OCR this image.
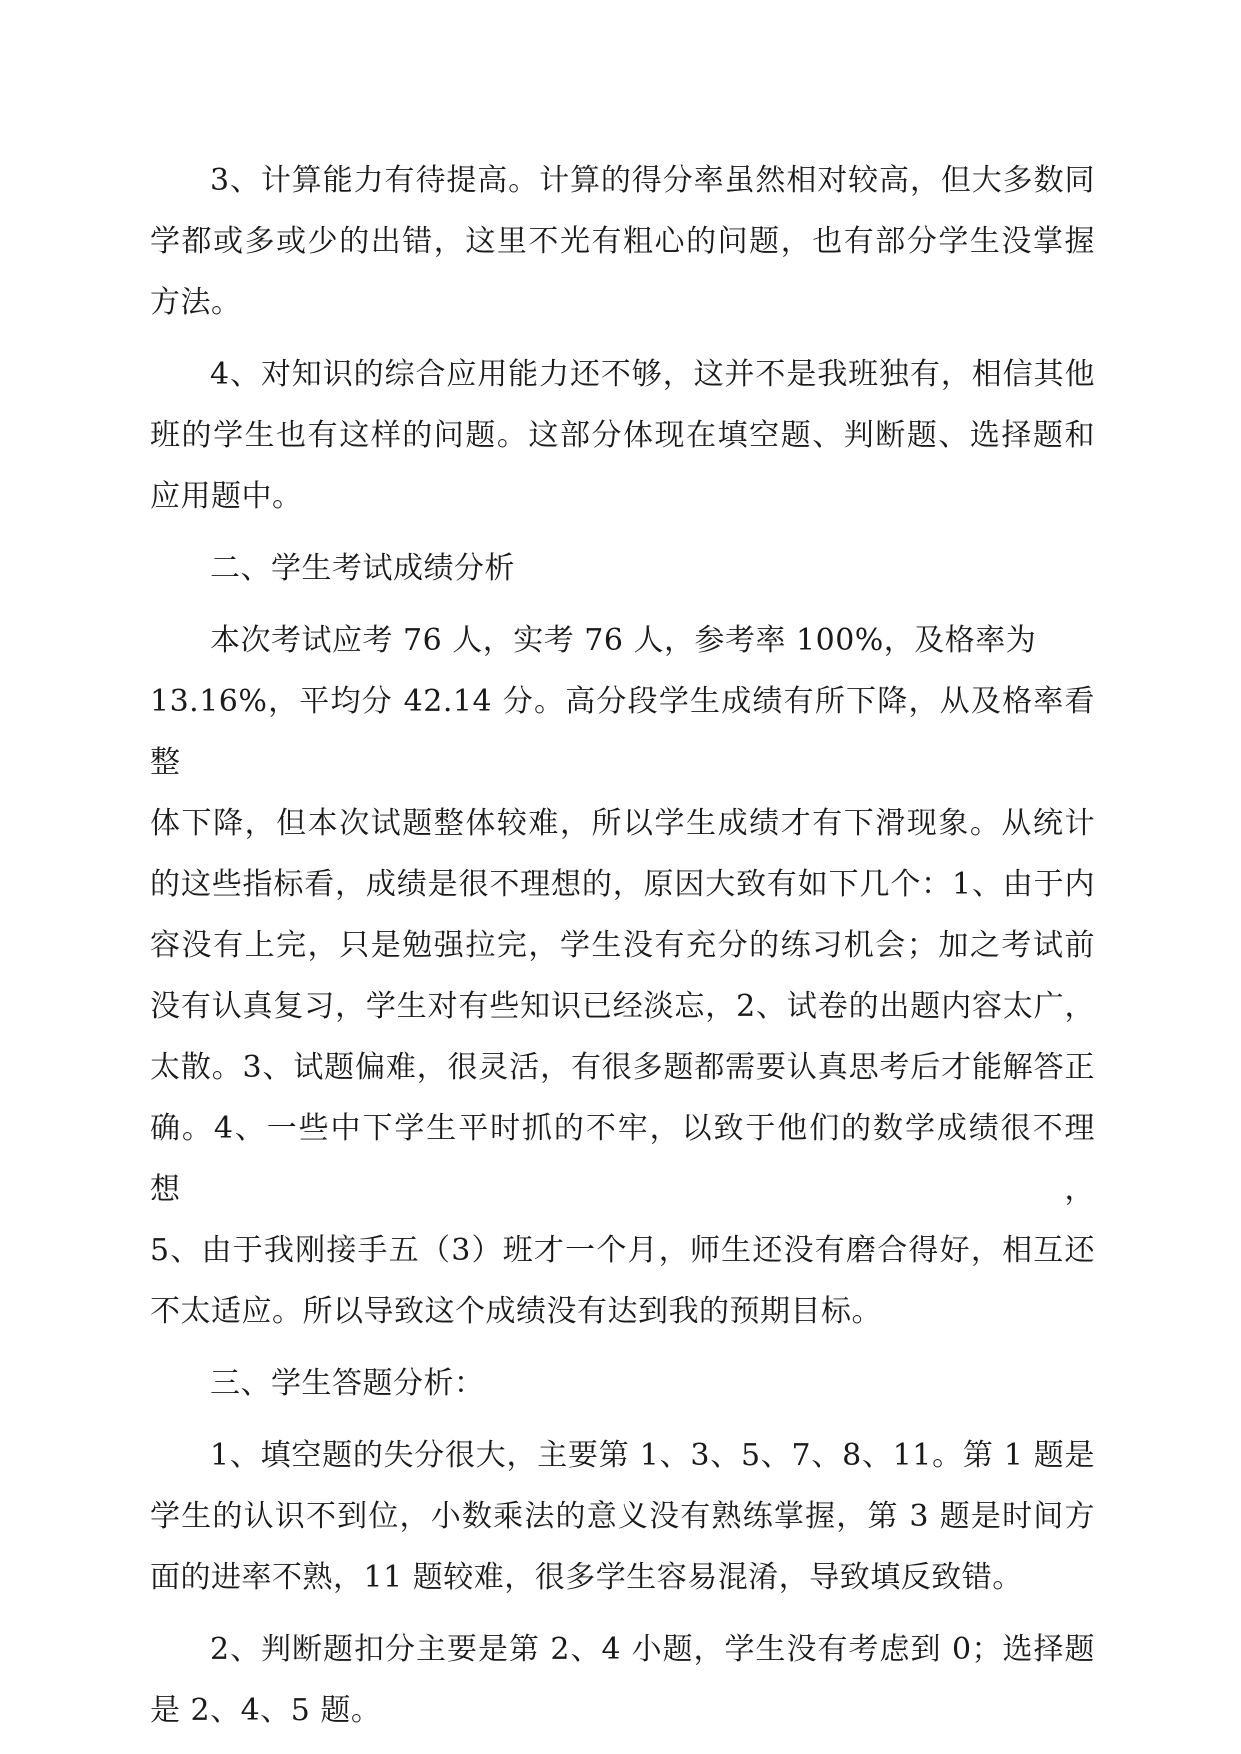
3、计算能力有待提高。计算的得分率虽然相对较高，但大多数同学都或多或少的出错，这里不光有粗心的问题，也有部分学生没掌握方法。

4、对知识的综合应用能力还不够，这并不是我班独有，相信其他班的学生也有这样的问题。这部分体现在填空题、判断题、选择题和应用题中。

二、学生考试成绩分析

本次考试应考 76 人，实考 76 人，参考率 100%，及格率为
13.16%，平均分 42.14 分。高分段学生成绩有所下降，从及格率看整
体下降，但本次试题整体较难，所以学生成绩才有下滑现象。从统计
的这些指标看，成绩是很不理想的，原因大致有如下几个：1、由于内
容没有上完，只是勉强拉完，学生没有充分的练习机会；加之考试前
没有认真复习，学生对有些知识已经淡忘，2、试卷的出题内容太广，
太散。3、试题偏难，很灵活，有很多题都需要认真思考后才能解答正
确。4、一些中下学生平时抓的不牢，以致于他们的数学成绩很不理想，
5、由于我刚接手五（3）班才一个月，师生还没有磨合得好，相互还
不太适应。所以导致这个成绩没有达到我的预期目标。

三、学生答题分析：

1、填空题的失分很大，主要第 1、3、5、7、8、11。第 1 题是学生的认识不到位，小数乘法的意义没有熟练掌握，第 3 题是时间方面的进率不熟，11 题较难，很多学生容易混淆，导致填反致错。

2、判断题扣分主要是第 2、4 小题，学生没有考虑到 0；选择题是 2、4、5 题。
